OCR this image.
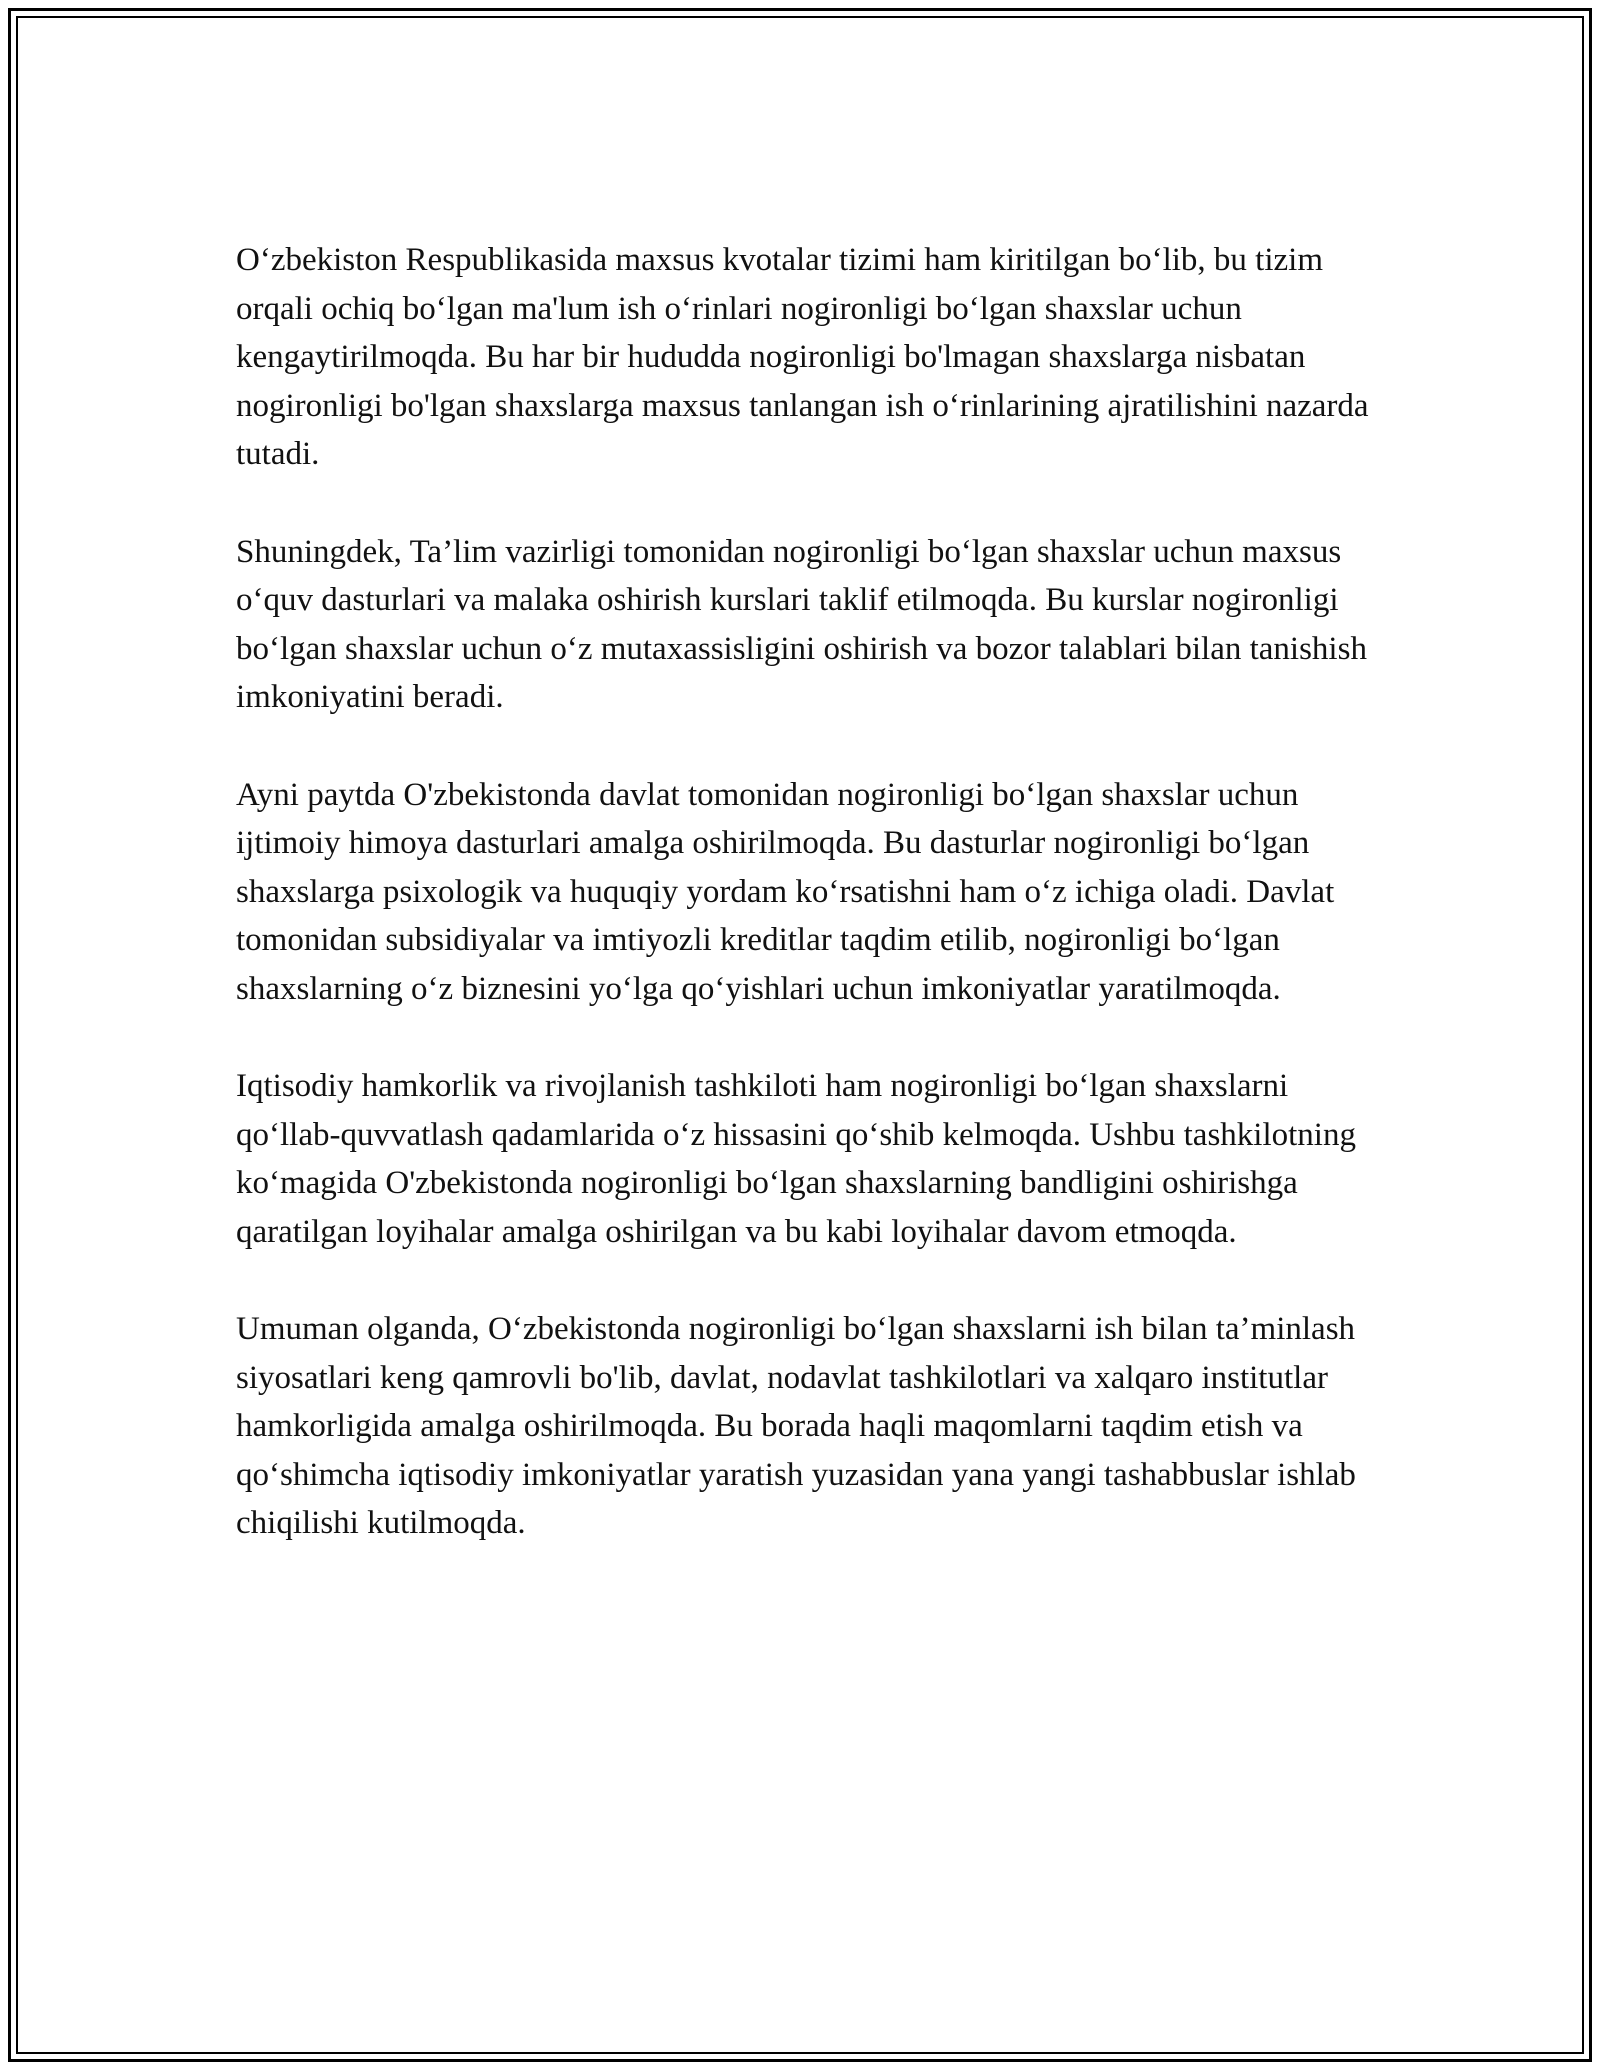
O‘zbekiston Respublikasida maxsus kvotalar tizimi ham kiritilgan bo‘lib, bu tizim orqali ochiq bo‘lgan ma'lum ish o‘rinlari nogironligi bo‘lgan shaxslar uchun kengaytirilmoqda. Bu har bir hududda nogironligi bo'lmagan shaxslarga nisbatan nogironligi bo'lgan shaxslarga maxsus tanlangan ish o‘rinlarining ajratilishini nazarda tutadi.

Shuningdek, Ta’lim vazirligi tomonidan nogironligi bo‘lgan shaxslar uchun maxsus o‘quv dasturlari va malaka oshirish kurslari taklif etilmoqda. Bu kurslar nogironligi bo‘lgan shaxslar uchun o‘z mutaxassisligini oshirish va bozor talablari bilan tanishish imkoniyatini beradi.

Ayni paytda O'zbekistonda davlat tomonidan nogironligi bo‘lgan shaxslar uchun ijtimoiy himoya dasturlari amalga oshirilmoqda. Bu dasturlar nogironligi bo‘lgan shaxslarga psixologik va huquqiy yordam ko‘rsatishni ham o‘z ichiga oladi. Davlat tomonidan subsidiyalar va imtiyozli kreditlar taqdim etilib, nogironligi bo‘lgan shaxslarning o‘z biznesini yo‘lga qo‘yishlari uchun imkoniyatlar yaratilmoqda.

Iqtisodiy hamkorlik va rivojlanish tashkiloti ham nogironligi bo‘lgan shaxslarni qo‘llab-quvvatlash qadamlarida o‘z hissasini qo‘shib kelmoqda. Ushbu tashkilotning ko‘magida O'zbekistonda nogironligi bo‘lgan shaxslarning bandligini oshirishga qaratilgan loyihalar amalga oshirilgan va bu kabi loyihalar davom etmoqda.

Umuman olganda, O‘zbekistonda nogironligi bo‘lgan shaxslarni ish bilan ta’minlash siyosatlari keng qamrovli bo'lib, davlat, nodavlat tashkilotlari va xalqaro institutlar hamkorligida amalga oshirilmoqda. Bu borada haqli maqomlarni taqdim etish va qo‘shimcha iqtisodiy imkoniyatlar yaratish yuzasidan yana yangi tashabbuslar ishlab chiqilishi kutilmoqda.
